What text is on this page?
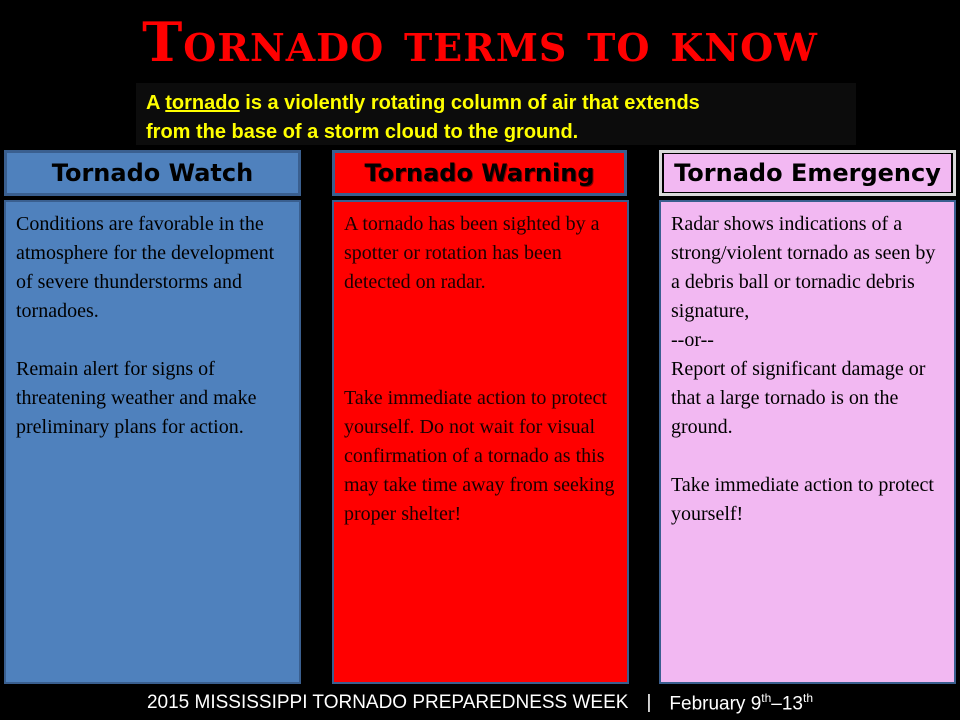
Tornado terms to know
A tornado is a violently rotating column of air that extends
from the base of a storm cloud to the ground.
Tornado Watch	Tornado Warning	Tornado Emergency

Conditions are favorable in the atmosphere for the development of severe thunderstorms and tornadoes.

Remain alert for signs of threatening weather and make preliminary plans for action.

A tornado has been sighted by a spotter or rotation has been detected on radar.

Take immediate action to protect yourself. Do not wait for visual confirmation of a tornado as this may take time away from seeking proper shelter!

Radar shows indications of a strong/violent tornado as seen by a debris ball or tornadic debris signature,

--or--

Report of significant damage or that a large tornado is on the ground.

Take immediate action to protect yourself!

2015 MISSISSIPPI TORNADO PREPAREDNESS WEEK | February 9th–13th
